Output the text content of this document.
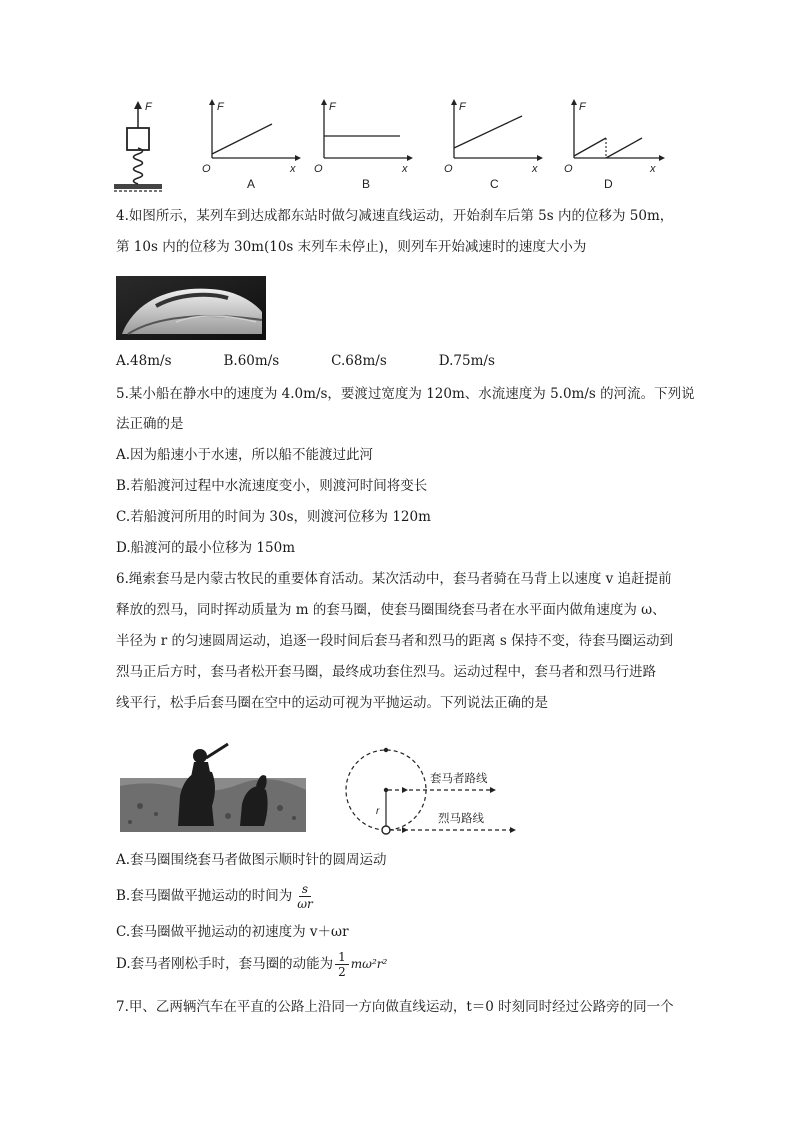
F	F
O	x
A
F
O	x
B
F
O	x
C
F
O	x
D
4.如图所示，某列车到达成都东站时做匀减速直线运动，开始刹车后第 5s 内的位移为 50m，
第 10s 内的位移为 30m(10s 末列车未停止)，则列车开始减速时的速度大小为
A.48m/s	B.60m/s	C.68m/s	D.75m/s
5.某小船在静水中的速度为 4.0m/s，要渡过宽度为 120m、水流速度为 5.0m/s 的河流。下列说
法正确的是
A.因为船速小于水速，所以船不能渡过此河
B.若船渡河过程中水流速度变小，则渡河时间将变长
C.若船渡河所用的时间为 30s，则渡河位移为 120m
D.船渡河的最小位移为 150m
6.绳索套马是内蒙古牧民的重要体育活动。某次活动中，套马者骑在马背上以速度 v 追赶提前
释放的烈马，同时挥动质量为 m 的套马圈，使套马圈围绕套马者在水平面内做角速度为 ω、
半径为 r 的匀速圆周运动，追逐一段时间后套马者和烈马的距离 s 保持不变，待套马圈运动到
烈马正后方时，套马者松开套马圈，最终成功套住烈马。运动过程中，套马者和烈马行进路
线平行，松手后套马圈在空中的运动可视为平抛运动。下列说法正确的是
r
套马者路线
烈马路线
A.套马圈围绕套马者做图示顺时针的圆周运动
B.套马圈做平抛运动的时间为 $\frac{s}{\omega r}$
C.套马圈做平抛运动的初速度为 v＋ωr
D.套马者刚松手时，套马圈的动能为 $\frac{1}{2} m\omega^2r^2$
7.甲、乙两辆汽车在平直的公路上沿同一方向做直线运动，t＝0 时刻同时经过公路旁的同一个
